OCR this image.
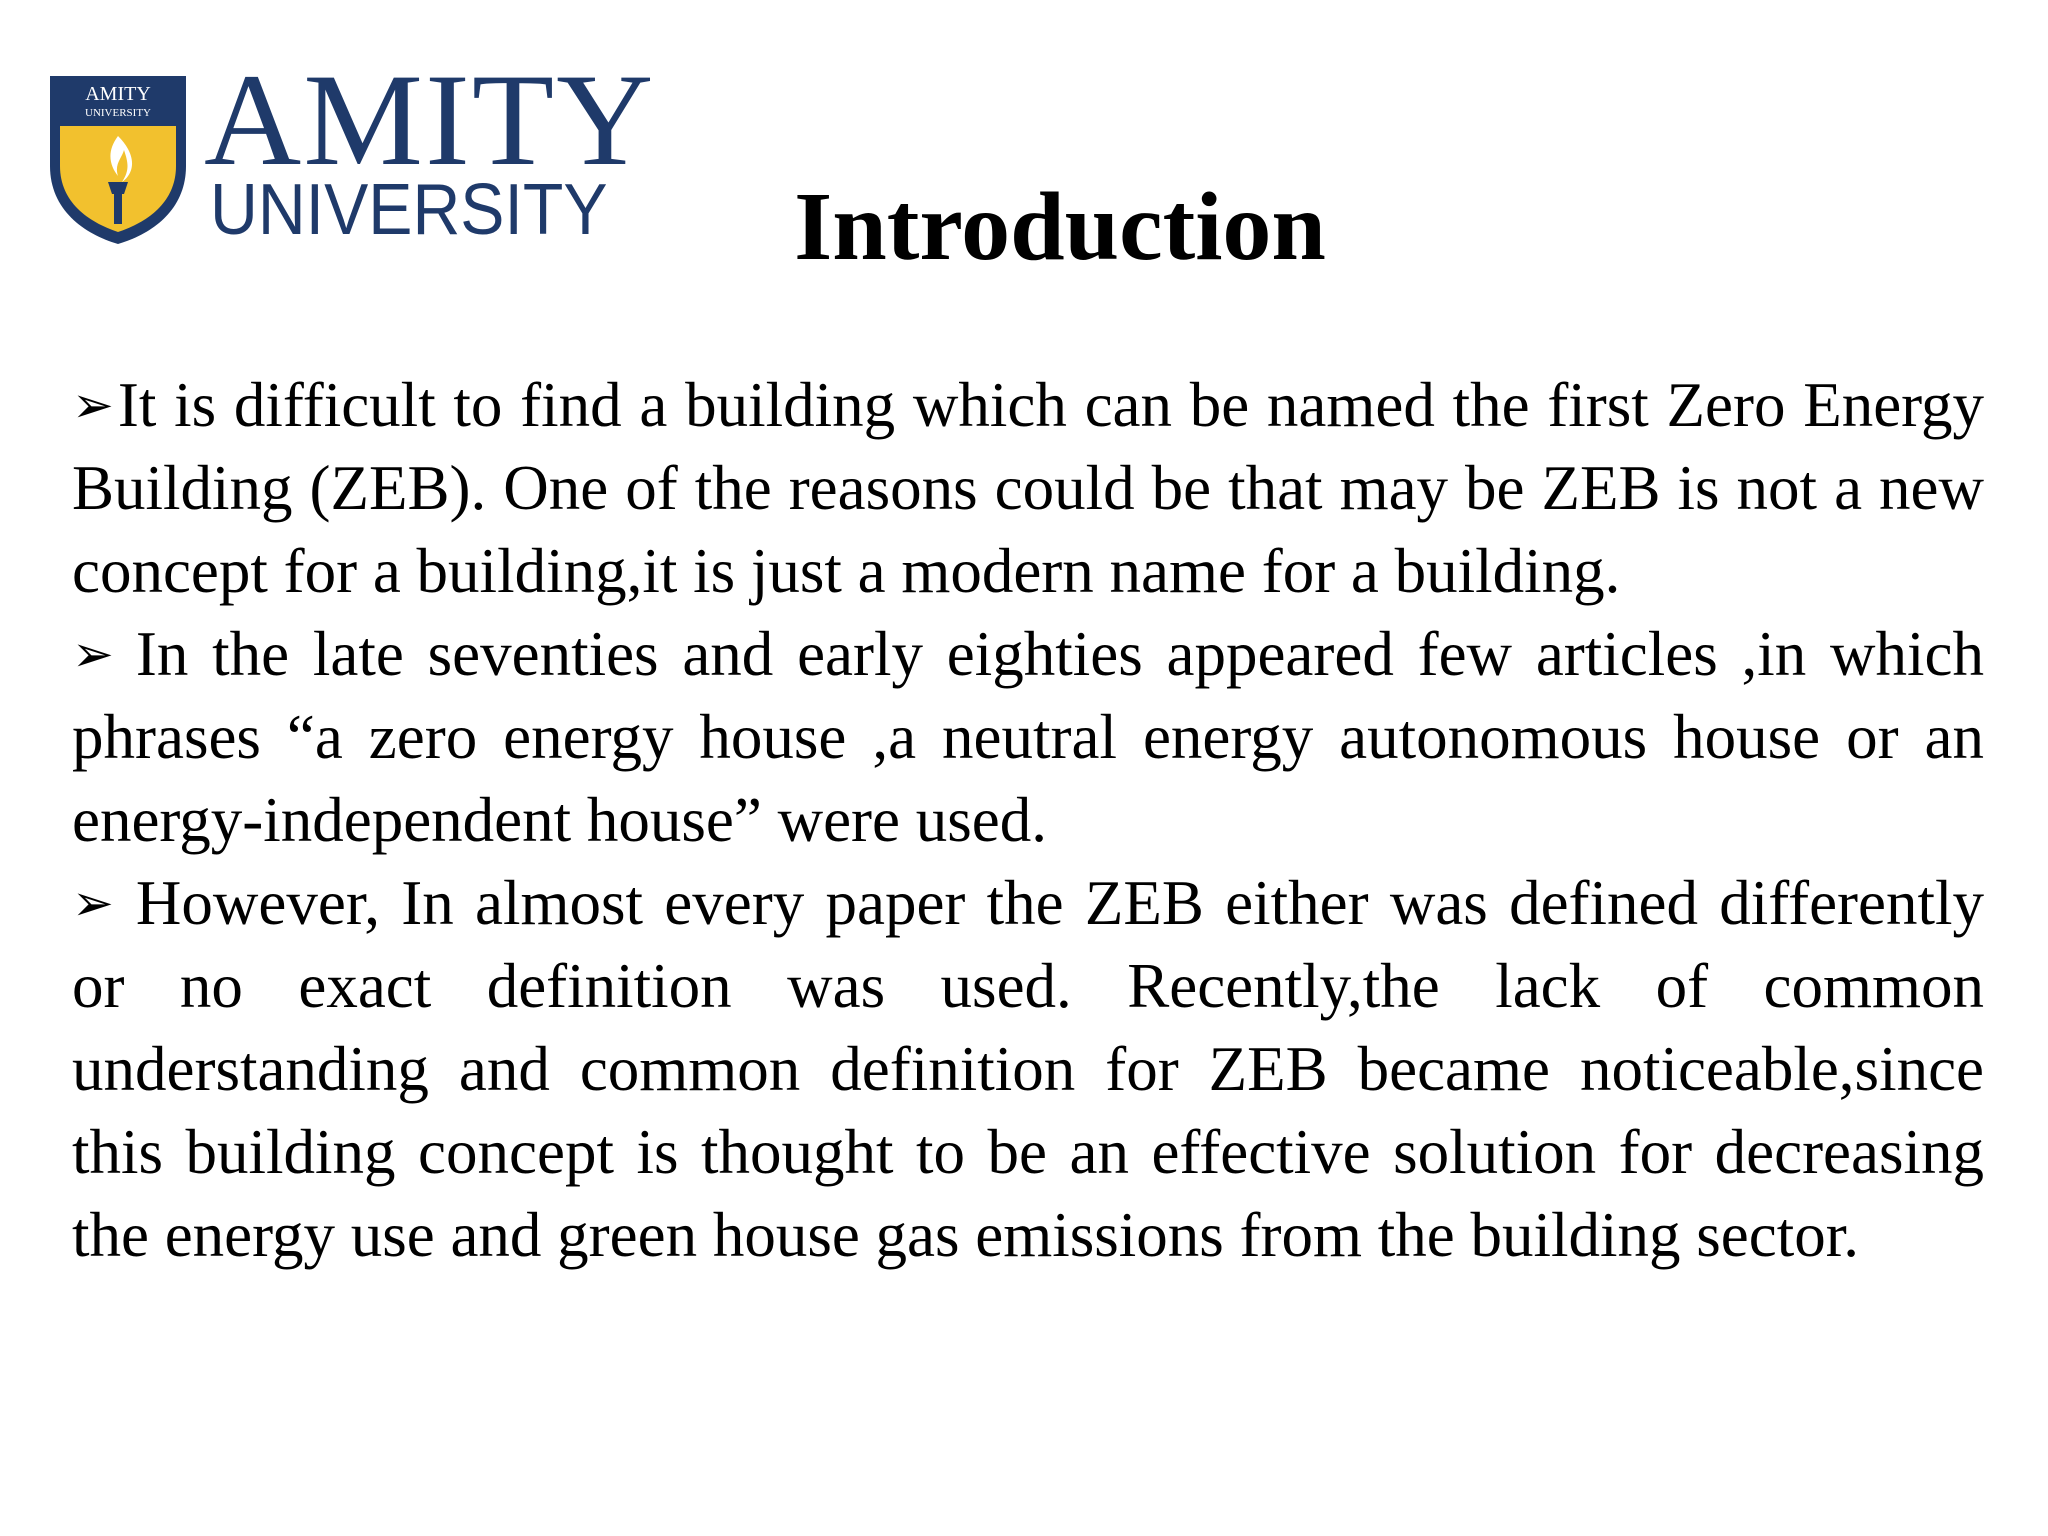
AMITY
UNIVERSITY AMITY
UNIVERSITY	Introduction

➢It is difficult to find a building which can be named the first Zero Energy Building (ZEB). One of the reasons could be that may be ZEB is not a new concept for a building,it is just a modern name for a building.

➢ In the late seventies and early eighties appeared few articles ,in which phrases “a zero energy house ,a neutral energy autonomous house or an energy-independent house” were used.

➢ However, In almost every paper the ZEB either was defined differently or no exact definition was used. Recently,the lack of common understanding and common definition for ZEB became noticeable,since this building concept is thought to be an effective solution for decreasing the energy use and green house gas emissions from the building sector.
